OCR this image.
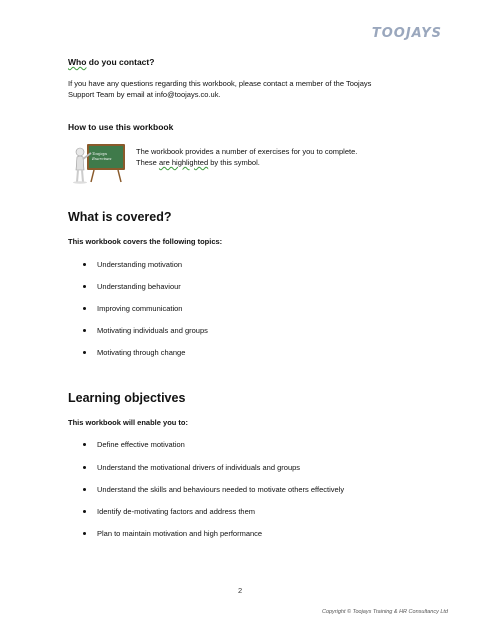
TOOJAYS
Who do you contact?
If you have any questions regarding this workbook, please contact a member of the Toojays
Support Team by email at info@toojays.co.uk.
How to use this workbook
Toojays
Exercises
The workbook provides a number of exercises for you to complete.
These are highlighted by this symbol.
What is covered?
This workbook covers the following topics:
Understanding motivation
Understanding behaviour
Improving communication
Motivating individuals and groups
Motivating through change
Learning objectives
This workbook will enable you to:
Define effective motivation
Understand the motivational drivers of individuals and groups
Understand the skills and behaviours needed to motivate others effectively
Identify de-motivating factors and address them
Plan to maintain motivation and high performance
2
Copyright © Toojays Training & HR Consultancy Ltd
